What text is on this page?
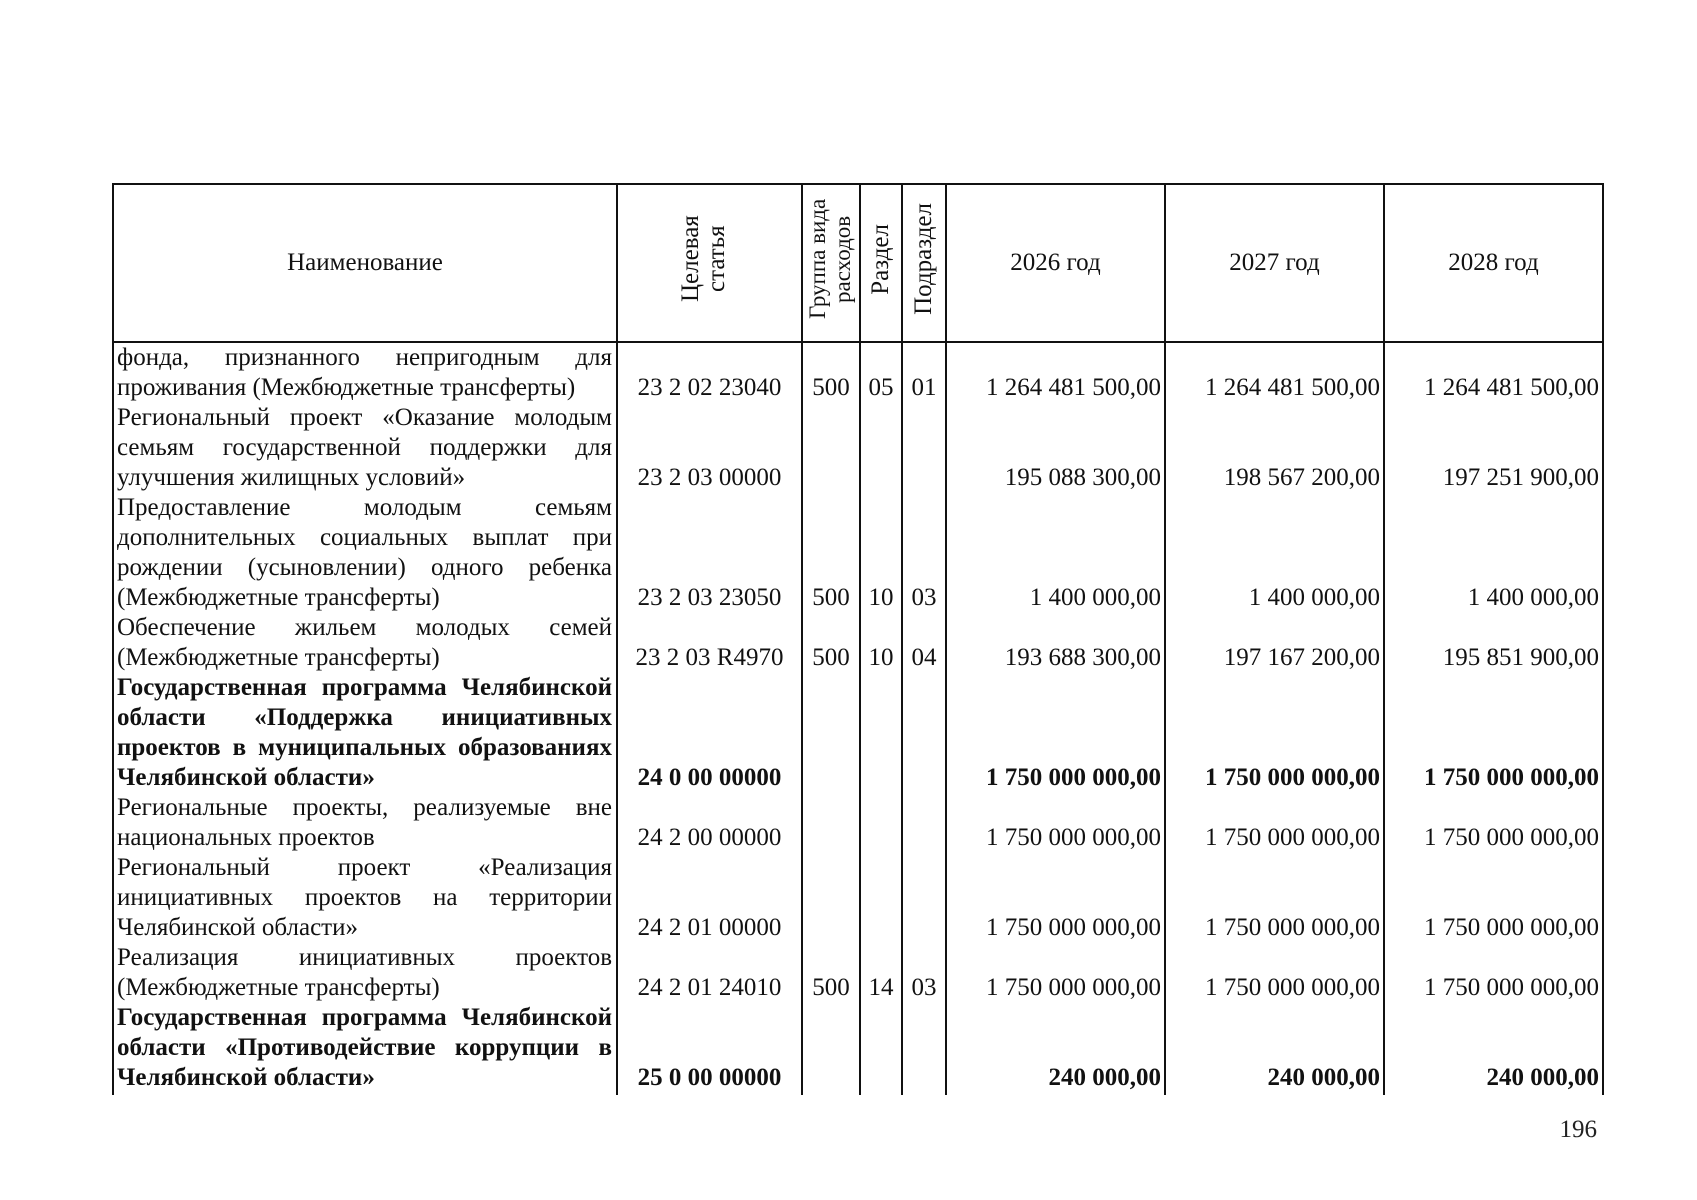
Наименование	Целевая статья	Группа вида расходов	Раздел	Подраздел	2026 год	2027 год	2028 год
фонда, признанного непригодным для проживания (Межбюджетные трансферты)	23 2 02 23040	500	05	01	1 264 481 500,00	1 264 481 500,00	1 264 481 500,00
Региональный проект «Оказание молодым семьям государственной поддержки для улучшения жилищных условий»	23 2 03 00000				195 088 300,00	198 567 200,00	197 251 900,00
Предоставление молодым семьям дополнительных социальных выплат при рождении (усыновлении) одного ребенка (Межбюджетные трансферты)	23 2 03 23050	500	10	03	1 400 000,00	1 400 000,00	1 400 000,00
Обеспечение жильем молодых семей (Межбюджетные трансферты)	23 2 03 R4970	500	10	04	193 688 300,00	197 167 200,00	195 851 900,00
Государственная программа Челябинской области «Поддержка инициативных проектов в муниципальных образованиях Челябинской области»	24 0 00 00000				1 750 000 000,00	1 750 000 000,00	1 750 000 000,00
Региональные проекты, реализуемые вне национальных проектов	24 2 00 00000				1 750 000 000,00	1 750 000 000,00	1 750 000 000,00
Региональный проект «Реализация инициативных проектов на территории Челябинской области»	24 2 01 00000				1 750 000 000,00	1 750 000 000,00	1 750 000 000,00
Реализация инициативных проектов (Межбюджетные трансферты)	24 2 01 24010	500	14	03	1 750 000 000,00	1 750 000 000,00	1 750 000 000,00
Государственная программа Челябинской области «Противодействие коррупции в Челябинской области»	25 0 00 00000				240 000,00	240 000,00	240 000,00
196
